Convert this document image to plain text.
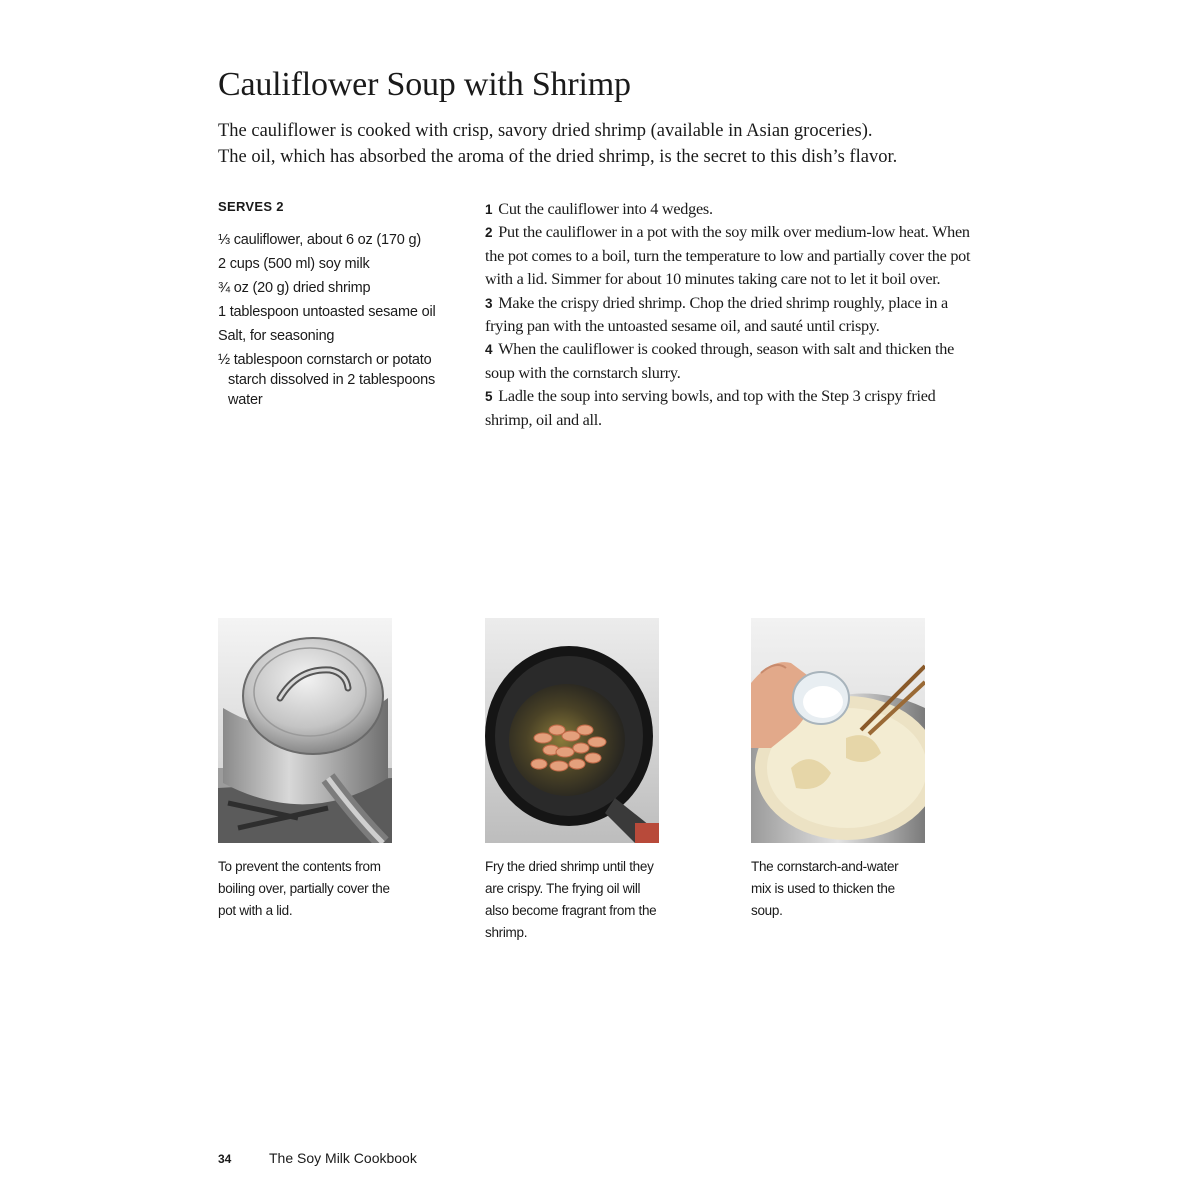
Cauliflower Soup with Shrimp
The cauliflower is cooked with crisp, savory dried shrimp (available in Asian groceries).
The oil, which has absorbed the aroma of the dried shrimp, is the secret to this dish’s flavor.
SERVES 2
⅓ cauliflower, about 6 oz (170 g)
2 cups (500 ml) soy milk
¾ oz (20 g) dried shrimp
1 tablespoon untoasted sesame oil
Salt, for seasoning
½ tablespoon cornstarch or potato starch dissolved in 2 tablespoons water
1 Cut the cauliflower into 4 wedges.
2 Put the cauliflower in a pot with the soy milk over medium-low heat. When the pot comes to a boil, turn the temperature to low and partially cover the pot with a lid. Simmer for about 10 minutes taking care not to let it boil over.
3 Make the crispy dried shrimp. Chop the dried shrimp roughly, place in a frying pan with the untoasted sesame oil, and sauté until crispy.
4 When the cauliflower is cooked through, season with salt and thicken the soup with the cornstarch slurry.
5 Ladle the soup into serving bowls, and top with the Step 3 crispy fried shrimp, oil and all.

To prevent the contents from boiling over, partially cover the pot with a lid.

Fry the dried shrimp until they are crispy. The frying oil will also become fragrant from the shrimp.

The cornstarch-and-water mix is used to thicken the soup.

34	The Soy Milk Cookbook
